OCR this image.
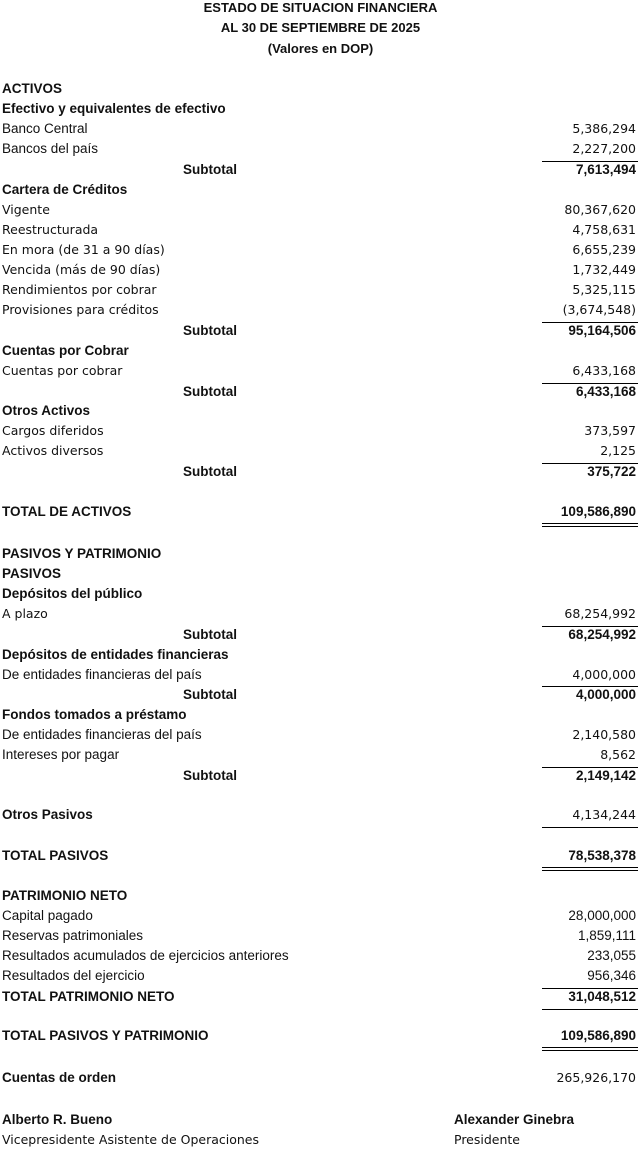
ESTADO DE SITUACION FINANCIERA
AL 30 DE SEPTIEMBRE DE 2025
(Valores en DOP)
ACTIVOS
Efectivo y equivalentes de efectivo
Banco Central	5,386,294
Bancos del país	2,227,200
Subtotal	7,613,494
Cartera de Créditos
Vigente	80,367,620
Reestructurada	4,758,631
En mora (de 31 a 90 días)	6,655,239
Vencida (más de 90 días)	1,732,449
Rendimientos por cobrar	5,325,115
Provisiones para créditos	(3,674,548)
Subtotal	95,164,506
Cuentas por Cobrar
Cuentas por cobrar	6,433,168
Subtotal	6,433,168
Otros Activos
Cargos diferidos	373,597
Activos diversos	2,125
Subtotal	375,722
TOTAL DE ACTIVOS	109,586,890
PASIVOS Y PATRIMONIO
PASIVOS
Depósitos del público
A plazo	68,254,992
Subtotal	68,254,992
Depósitos de entidades financieras
De entidades financieras del país	4,000,000
Subtotal	4,000,000
Fondos tomados a préstamo
De entidades financieras del país	2,140,580
Intereses por pagar	8,562
Subtotal	2,149,142
Otros Pasivos	4,134,244
TOTAL PASIVOS	78,538,378
PATRIMONIO NETO
Capital pagado	28,000,000
Reservas patrimoniales	1,859,111
Resultados acumulados de ejercicios anteriores	233,055
Resultados del ejercicio	956,346
TOTAL PATRIMONIO NETO	31,048,512
TOTAL PASIVOS Y PATRIMONIO	109,586,890
Cuentas de orden	265,926,170
Alberto R. Bueno
Vicepresidente Asistente de Operaciones
Alexander Ginebra
Presidente
